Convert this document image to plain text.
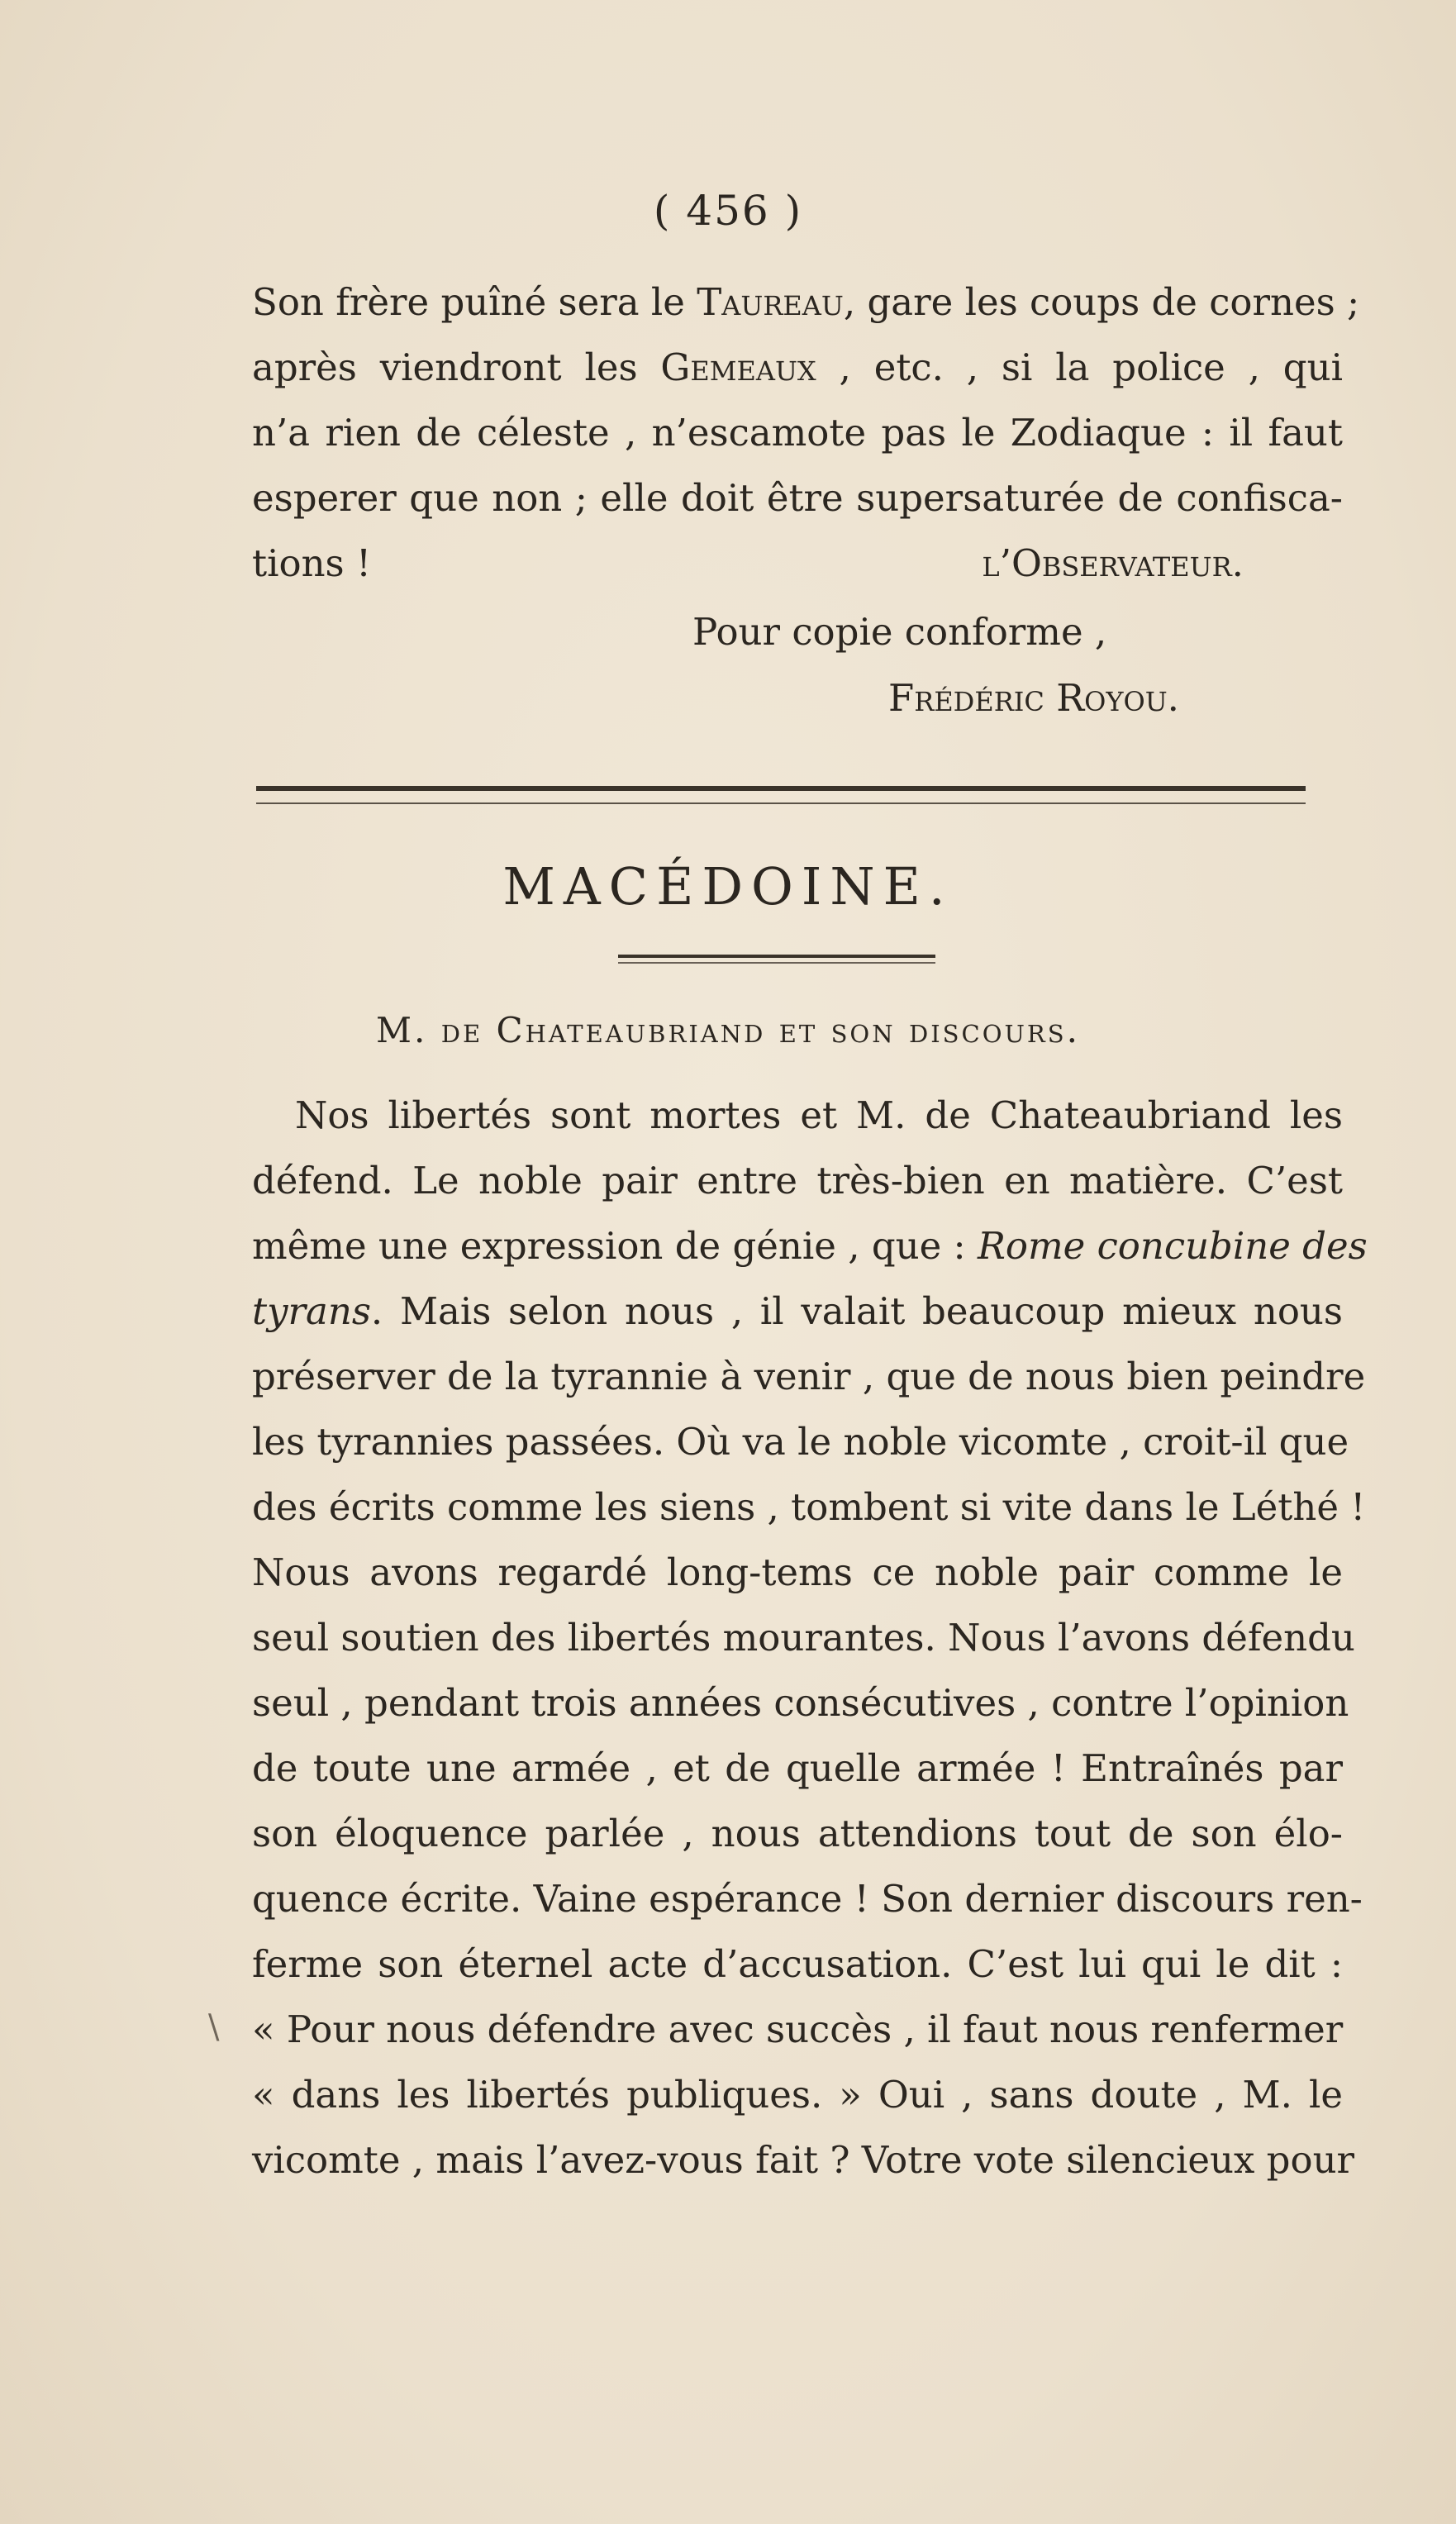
( 456 )
Son frère puîné sera le Taureau, gare les coups de cornes ;
après viendront les Gemeaux , etc. , si la police , qui
n’a rien de céleste , n’escamote pas le Zodiaque : il faut
esperer que non ; elle doit être supersaturée de confisca-
tions !	l’Observateur.
Pour copie conforme ,
Frédéric Royou.
MACÉDOINE.
M. de Chateaubriand et son discours.
Nos libertés sont mortes et M. de Chateaubriand les
défend. Le noble pair entre très-bien en matière. C’est
même une expression de génie , que : Rome concubine des
tyrans. Mais selon nous , il valait beaucoup mieux nous
préserver de la tyrannie à venir , que de nous bien peindre
les tyrannies passées. Où va le noble vicomte , croit-il que
des écrits comme les siens , tombent si vite dans le Léthé !
Nous avons regardé long-tems ce noble pair comme le
seul soutien des libertés mourantes. Nous l’avons défendu
seul , pendant trois années consécutives , contre l’opinion
de toute une armée , et de quelle armée ! Entraînés par
son éloquence parlée , nous attendions tout de son élo-
quence écrite. Vaine espérance ! Son dernier discours ren-
ferme son éternel acte d’accusation. C’est lui qui le dit :
« Pour nous défendre avec succès , il faut nous renfermer
« dans les libertés publiques. » Oui , sans doute , M. le
vicomte , mais l’avez-vous fait ? Votre vote silencieux pour
\
